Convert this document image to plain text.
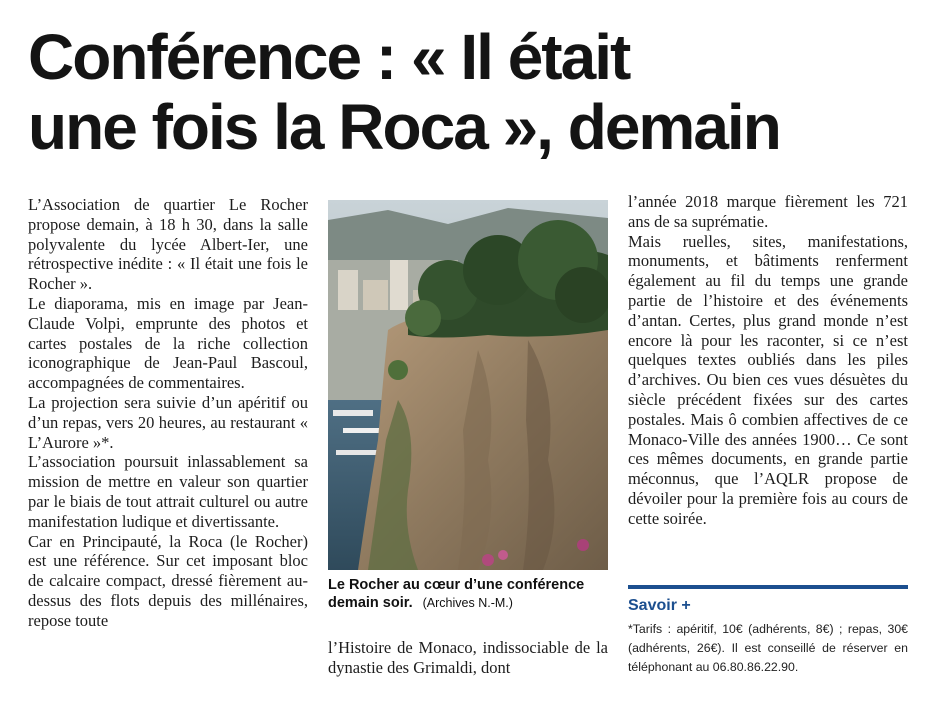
Conférence : « Il était
une fois la Roca », demain

L’Association de quartier Le Rocher propose demain, à 18 h 30, dans la salle polyvalente du lycée Albert-Ier, une rétrospective inédite : « Il était une fois le Rocher ».

Le diaporama, mis en image par Jean-Claude Volpi, emprunte des photos et cartes postales de la riche collection iconographique de Jean-Paul Bascoul, accompagnées de commentaires.

La projection sera suivie d’un apéritif ou d’un repas, vers 20 heures, au restaurant « L’Aurore »*.

L’association poursuit inlassablement sa mission de mettre en valeur son quartier par le biais de tout attrait culturel ou autre manifestation ludique et divertissante.

Car en Principauté, la Roca (le Rocher) est une référence. Sur cet imposant bloc de calcaire compact, dressé fièrement au-dessus des flots depuis des millénaires, repose toute

Le Rocher au cœur d’une conférence demain soir. (Archives N.-M.)

l’Histoire de Monaco, indissociable de la dynastie des Grimaldi, dont

l’année 2018 marque fièrement les 721 ans de sa suprématie.

Mais ruelles, sites, manifestations, monuments, et bâtiments renferment également au fil du temps une grande partie de l’histoire et des événements d’antan. Certes, plus grand monde n’est encore là pour les raconter, si ce n’est quelques textes oubliés dans les piles d’archives. Ou bien ces vues désuètes du siècle précédent fixées sur des cartes postales. Mais ô combien affectives de ce Monaco-Ville des années 1900… Ce sont ces mêmes documents, en grande partie méconnus, que l’AQLR propose de dévoiler pour la première fois au cours de cette soirée.

Savoir +
*Tarifs : apéritif, 10€ (adhérents, 8€) ; repas, 30€ (adhérents, 26€). Il est conseillé de réserver en téléphonant au 06.80.86.22.90.
